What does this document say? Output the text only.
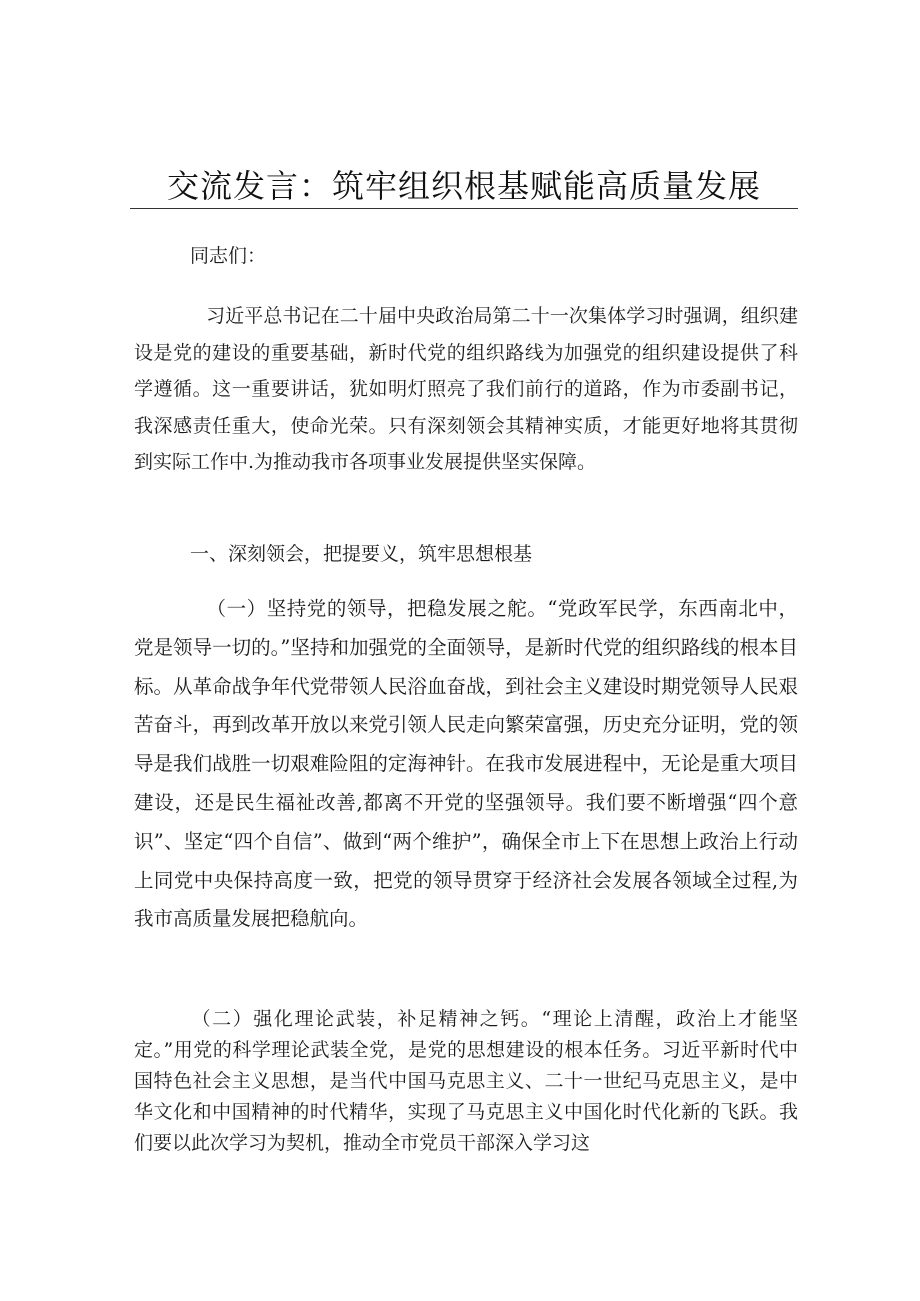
交流发言：筑牢组织根基赋能高质量发展
同志们：
习近平总书记在二十届中央政治局第二十一次集体学习时强调，组织建设是党的建设的重要基础，新时代党的组织路线为加强党的组织建设提供了科学遵循。这一重要讲话，犹如明灯照亮了我们前行的道路，作为市委副书记，我深感责任重大，使命光荣。只有深刻领会其精神实质，才能更好地将其贯彻到实际工作中.为推动我市各项事业发展提供坚实保障。
一、深刻领会，把提要义，筑牢思想根基
（一）坚持党的领导，把稳发展之舵。“党政军民学，东西南北中，党是领导一切的。”坚持和加强党的全面领导，是新时代党的组织路线的根本目标。从革命战争年代党带领人民浴血奋战，到社会主义建设时期党领导人民艰苦奋斗，再到改革开放以来党引领人民走向繁荣富强，历史充分证明，党的领导是我们战胜一切艰难险阻的定海神针。在我市发展进程中，无论是重大项目建设，还是民生福祉改善,都离不开党的坚强领导。我们要不断增强“四个意识”、坚定“四个自信”、做到“两个维护”，确保全市上下在思想上政治上行动上同党中央保持高度一致，把党的领导贯穿于经济社会发展各领域全过程,为我市高质量发展把稳航向。
（二）强化理论武装，补足精神之钙。“理论上清醒，政治上才能坚定。”用党的科学理论武装全党，是党的思想建设的根本任务。习近平新时代中国特色社会主义思想，是当代中国马克思主义、二十一世纪马克思主义，是中华文化和中国精神的时代精华，实现了马克思主义中国化时代化新的飞跃。我们要以此次学习为契机，推动全市党员干部深入学习这
